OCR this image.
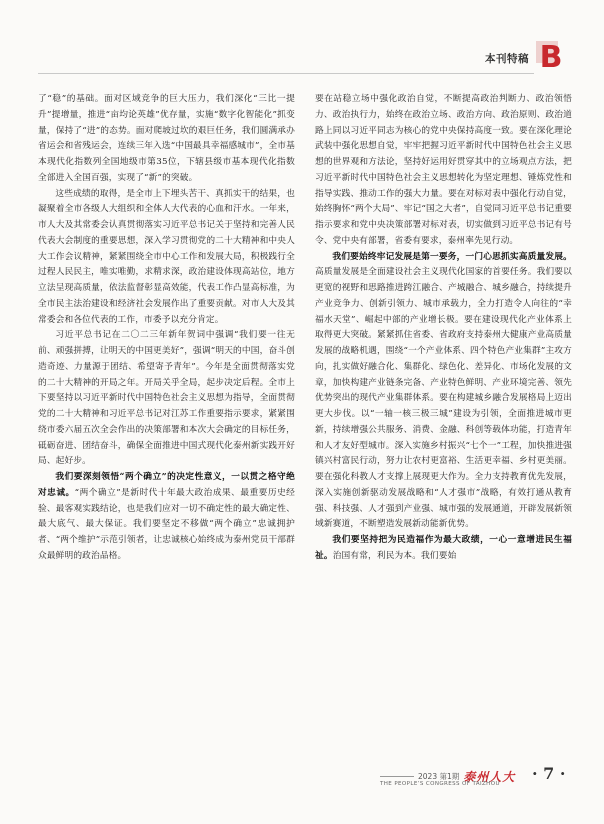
本刊特稿 B

了“稳”的基础。面对区域竞争的巨大压力，我们深化“三比一提升”提增量，推进“亩均论英雄”优存量，实施“数字化智能化”抓变量，保持了“进”的态势。面对爬坡过坎的艰巨任务，我们圆满承办省运会和省残运会，连续三年入选“中国最具幸福感城市”，全市基本现代化指数列全国地级市第35位，下辖县级市基本现代化指数全部进入全国百强，实现了“新”的突破。

这些成绩的取得，是全市上下埋头苦干、真抓实干的结果，也凝聚着全市各级人大组织和全体人大代表的心血和汗水。一年来，市人大及其常委会认真贯彻落实习近平总书记关于坚持和完善人民代表大会制度的重要思想，深入学习贯彻党的二十大精神和中央人大工作会议精神，紧紧围绕全市中心工作和发展大局，积极践行全过程人民民主，唯实唯勤，求精求深，政治建设体现高站位，地方立法呈现高质量，依法监督彰显高效能，代表工作凸显高标准，为全市民主法治建设和经济社会发展作出了重要贡献。对市人大及其常委会和各位代表的工作，市委予以充分肯定。

习近平总书记在二〇二三年新年贺词中强调“我们要一往无前、顽强拼搏，让明天的中国更美好”，强调“明天的中国，奋斗创造奇迹、力量源于团结、希望寄予青年”。今年是全面贯彻落实党的二十大精神的开局之年。开局关乎全局，起步决定后程。全市上下要坚持以习近平新时代中国特色社会主义思想为指导，全面贯彻党的二十大精神和习近平总书记对江苏工作重要指示要求，紧紧围绕市委六届五次全会作出的决策部署和本次大会确定的目标任务，砥砺奋进、团结奋斗，确保全面推进中国式现代化泰州新实践开好局、起好步。

我们要深刻领悟“两个确立”的决定性意义，一以贯之格守绝对忠诚。“两个确立”是新时代十年最大政治成果、最重要历史经验、最客观实践结论，也是我们应对一切不确定性的最大确定性、最大底气、最大保证。我们要坚定不移做“两个确立”忠诚拥护者、“两个维护”示范引领者，让忠诚核心始终成为泰州党员干部群众最鲜明的政治品格。

要在站稳立场中强化政治自觉，不断提高政治判断力、政治领悟力、政治执行力，始终在政治立场、政治方向、政治原则、政治道路上同以习近平同志为核心的党中央保持高度一致。要在深化理论武装中强化思想自觉，牢牢把握习近平新时代中国特色社会主义思想的世界观和方法论，坚持好运用好贯穿其中的立场观点方法，把习近平新时代中国特色社会主义思想转化为坚定理想、锤炼党性和指导实践、推动工作的强大力量。要在对标对表中强化行动自觉，始终胸怀“两个大局”、牢记“国之大者”，自觉同习近平总书记重要指示要求和党中央决策部署对标对表，切实做到习近平总书记有号令、党中央有部署，省委有要求，泰州率先见行动。

我们要始终牢记发展是第一要务，一门心思抓实高质量发展。高质量发展是全面建设社会主义现代化国家的首要任务。我们要以更宽的视野和思路推进跨江融合、产城融合、城乡融合，持续提升产业竞争力、创新引领力、城市承载力，全力打造令人向往的“幸福水天堂”、崛起中部的产业增长极。要在建设现代化产业体系上取得更大突破。紧紧抓住省委、省政府支持泰州大健康产业高质量发展的战略机遇，围绕“一个产业体系、四个特色产业集群”主攻方向，扎实做好融合化、集群化、绿色化、差异化、市场化发展的文章，加快构建产业链条完备、产业特色鲜明、产业环境完善、领先优势突出的现代产业集群体系。要在构建城乡融合发展格局上迈出更大步伐。以“一轴一核三极三城”建设为引领，全面推进城市更新，持续增强公共服务、消费、金融、科创等载体功能，打造青年和人才友好型城市。深入实施乡村振兴“七个一”工程，加快推进强镇兴村富民行动，努力让农村更富裕、生活更幸福、乡村更美丽。要在强化科教人才支撑上展现更大作为。全力支持教育优先发展，深入实施创新驱动发展战略和“人才强市”战略，有效打通从教育强、科技强、人才强到产业强、城市强的发展通道，开辟发展新领域新赛道，不断塑造发展新动能新优势。

我们要坚持把为民造福作为最大政绩，一心一意增进民生福祉。治国有常，利民为本。我们要始

2023 第1期 泰州人大
THE PEOPLE’S CONGRESS OF TAIZHOU
· 7 ·
